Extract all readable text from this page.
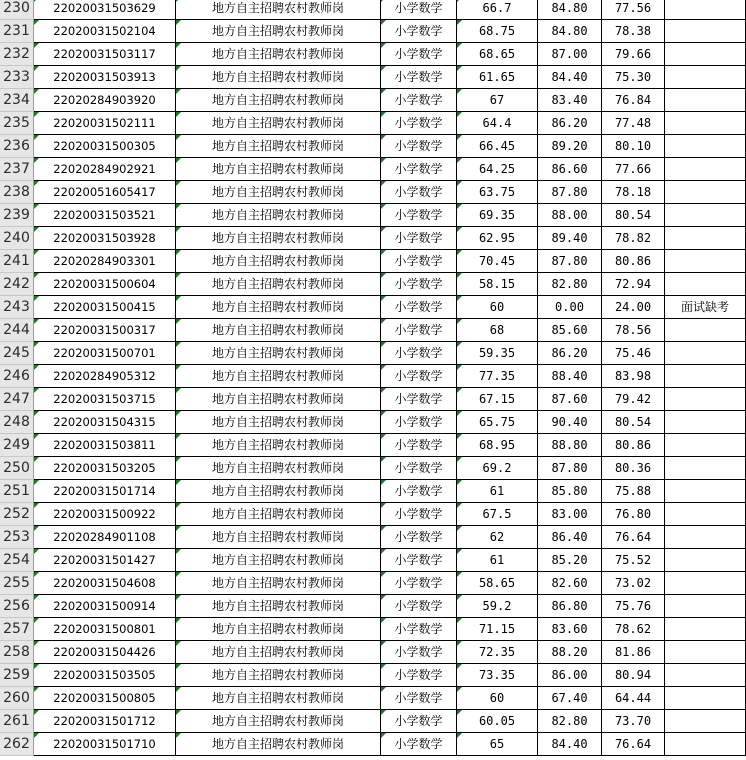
230	22020031503629	地方自主招聘农村教师岗	小学数学	66.7	84.80	77.56
231	22020031502104	地方自主招聘农村教师岗	小学数学	68.75	84.80	78.38
232	22020031503117	地方自主招聘农村教师岗	小学数学	68.65	87.00	79.66
233	22020031503913	地方自主招聘农村教师岗	小学数学	61.65	84.40	75.30
234	22020284903920	地方自主招聘农村教师岗	小学数学	67	83.40	76.84
235	22020031502111	地方自主招聘农村教师岗	小学数学	64.4	86.20	77.48
236	22020031500305	地方自主招聘农村教师岗	小学数学	66.45	89.20	80.10
237	22020284902921	地方自主招聘农村教师岗	小学数学	64.25	86.60	77.66
238	22020051605417	地方自主招聘农村教师岗	小学数学	63.75	87.80	78.18
239	22020031503521	地方自主招聘农村教师岗	小学数学	69.35	88.00	80.54
240	22020031503928	地方自主招聘农村教师岗	小学数学	62.95	89.40	78.82
241	22020284903301	地方自主招聘农村教师岗	小学数学	70.45	87.80	80.86
242	22020031500604	地方自主招聘农村教师岗	小学数学	58.15	82.80	72.94
243	22020031500415	地方自主招聘农村教师岗	小学数学	60	0.00	24.00	面试缺考
244	22020031500317	地方自主招聘农村教师岗	小学数学	68	85.60	78.56
245	22020031500701	地方自主招聘农村教师岗	小学数学	59.35	86.20	75.46
246	22020284905312	地方自主招聘农村教师岗	小学数学	77.35	88.40	83.98
247	22020031503715	地方自主招聘农村教师岗	小学数学	67.15	87.60	79.42
248	22020031504315	地方自主招聘农村教师岗	小学数学	65.75	90.40	80.54
249	22020031503811	地方自主招聘农村教师岗	小学数学	68.95	88.80	80.86
250	22020031503205	地方自主招聘农村教师岗	小学数学	69.2	87.80	80.36
251	22020031501714	地方自主招聘农村教师岗	小学数学	61	85.80	75.88
252	22020031500922	地方自主招聘农村教师岗	小学数学	67.5	83.00	76.80
253	22020284901108	地方自主招聘农村教师岗	小学数学	62	86.40	76.64
254	22020031501427	地方自主招聘农村教师岗	小学数学	61	85.20	75.52
255	22020031504608	地方自主招聘农村教师岗	小学数学	58.65	82.60	73.02
256	22020031500914	地方自主招聘农村教师岗	小学数学	59.2	86.80	75.76
257	22020031500801	地方自主招聘农村教师岗	小学数学	71.15	83.60	78.62
258	22020031504426	地方自主招聘农村教师岗	小学数学	72.35	88.20	81.86
259	22020031503505	地方自主招聘农村教师岗	小学数学	73.35	86.00	80.94
260	22020031500805	地方自主招聘农村教师岗	小学数学	60	67.40	64.44
261	22020031501712	地方自主招聘农村教师岗	小学数学	60.05	82.80	73.70
262	22020031501710	地方自主招聘农村教师岗	小学数学	65	84.40	76.64
